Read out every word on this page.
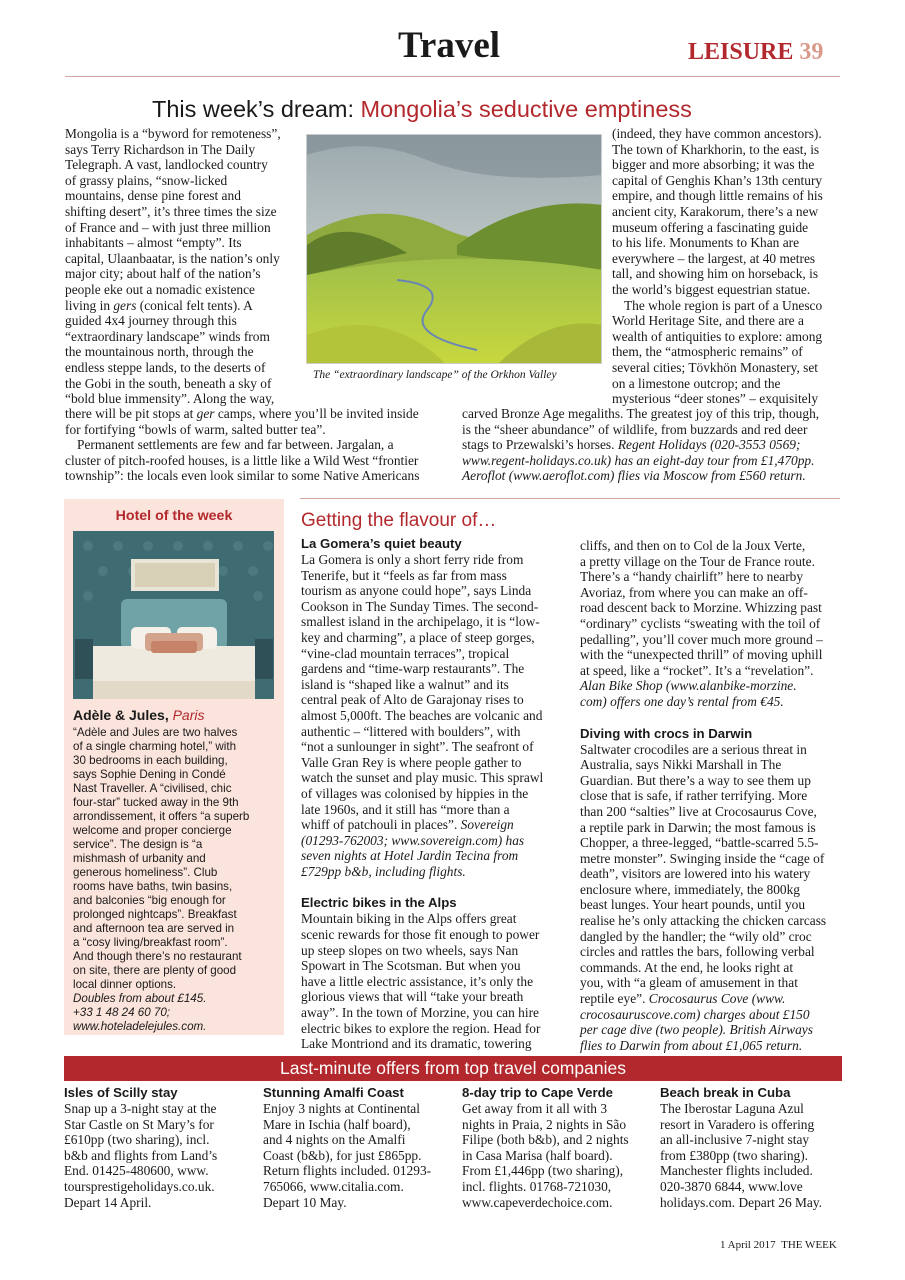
Travel	LEISURE 39
This week’s dream: Mongolia’s seductive emptiness
The “extraordinary landscape” of the Orkhon Valley
Mongolia is a “byword for remoteness”,
says Terry Richardson in The Daily
Telegraph. A vast, landlocked country
of grassy plains, “snow-licked
mountains, dense pine forest and
shifting desert”, it’s three times the size
of France and – with just three million
inhabitants – almost “empty”. Its
capital, Ulaanbaatar, is the nation’s only
major city; about half of the nation’s
people eke out a nomadic existence
living in gers (conical felt tents). A
guided 4x4 journey through this
“extraordinary landscape” winds from
the mountainous north, through the
endless steppe lands, to the deserts of
the Gobi in the south, beneath a sky of
“bold blue immensity”. Along the way,
there will be pit stops at ger camps, where you’ll be invited inside
for fortifying “bowls of warm, salted butter tea”.
Permanent settlements are few and far between. Jargalan, a
cluster of pitch-roofed houses, is a little like a Wild West “frontier
township”: the locals even look similar to some Native Americans
(indeed, they have common ancestors).
The town of Kharkhorin, to the east, is
bigger and more absorbing; it was the
capital of Genghis Khan’s 13th century
empire, and though little remains of his
ancient city, Karakorum, there’s a new
museum offering a fascinating guide
to his life. Monuments to Khan are
everywhere – the largest, at 40 metres
tall, and showing him on horseback, is
the world’s biggest equestrian statue.
The whole region is part of a Unesco
World Heritage Site, and there are a
wealth of antiquities to explore: among
them, the “atmospheric remains” of
several cities; Tövkhön Monastery, set
on a limestone outcrop; and the
mysterious “deer stones” – exquisitely
carved Bronze Age megaliths. The greatest joy of this trip, though,
is the “sheer abundance” of wildlife, from buzzards and red deer
stags to Przewalski’s horses. Regent Holidays (020-3553 0569;
www.regent-holidays.co.uk) has an eight-day tour from £1,470pp.
Aeroflot (www.aeroflot.com) flies via Moscow from £560 return.
Hotel of the week
Adèle & Jules, Paris
“Adèle and Jules are two halves
of a single charming hotel,” with
30 bedrooms in each building,
says Sophie Dening in Condé
Nast Traveller. A “civilised, chic
four-star” tucked away in the 9th
arrondissement, it offers “a superb
welcome and proper concierge
service”. The design is “a
mishmash of urbanity and
generous homeliness”. Club
rooms have baths, twin basins,
and balconies “big enough for
prolonged nightcaps”. Breakfast
and afternoon tea are served in
a “cosy living/breakfast room”.
And though there’s no restaurant
on site, there are plenty of good
local dinner options.
Doubles from about £145.
+33 1 48 24 60 70;
www.hoteladelejules.com.
Getting the flavour of…
La Gomera’s quiet beauty
La Gomera is only a short ferry ride from
Tenerife, but it “feels as far from mass
tourism as anyone could hope”, says Linda
Cookson in The Sunday Times. The second-
smallest island in the archipelago, it is “low-
key and charming”, a place of steep gorges,
“vine-clad mountain terraces”, tropical
gardens and “time-warp restaurants”. The
island is “shaped like a walnut” and its
central peak of Alto de Garajonay rises to
almost 5,000ft. The beaches are volcanic and
authentic – “littered with boulders”, with
“not a sunlounger in sight”. The seafront of
Valle Gran Rey is where people gather to
watch the sunset and play music. This sprawl
of villages was colonised by hippies in the
late 1960s, and it still has “more than a
whiff of patchouli in places”. Sovereign
(01293-762003; www.sovereign.com) has
seven nights at Hotel Jardin Tecina from
£729pp b&b, including flights.
Electric bikes in the Alps
Mountain biking in the Alps offers great
scenic rewards for those fit enough to power
up steep slopes on two wheels, says Nan
Spowart in The Scotsman. But when you
have a little electric assistance, it’s only the
glorious views that will “take your breath
away”. In the town of Morzine, you can hire
electric bikes to explore the region. Head for
Lake Montriond and its dramatic, towering
cliffs, and then on to Col de la Joux Verte,
a pretty village on the Tour de France route.
There’s a “handy chairlift” here to nearby
Avoriaz, from where you can make an off-
road descent back to Morzine. Whizzing past
“ordinary” cyclists “sweating with the toil of
pedalling”, you’ll cover much more ground –
with the “unexpected thrill” of moving uphill
at speed, like a “rocket”. It’s a “revelation”.
Alan Bike Shop (www.alanbike-morzine.
com) offers one day’s rental from €45.
Diving with crocs in Darwin
Saltwater crocodiles are a serious threat in
Australia, says Nikki Marshall in The
Guardian. But there’s a way to see them up
close that is safe, if rather terrifying. More
than 200 “salties” live at Crocosaurus Cove,
a reptile park in Darwin; the most famous is
Chopper, a three-legged, “battle-scarred 5.5-
metre monster”. Swinging inside the “cage of
death”, visitors are lowered into his watery
enclosure where, immediately, the 800kg
beast lunges. Your heart pounds, until you
realise he’s only attacking the chicken carcass
dangled by the handler; the “wily old” croc
circles and rattles the bars, following verbal
commands. At the end, he looks right at
you, with “a gleam of amusement in that
reptile eye”. Crocosaurus Cove (www.
crocosauruscove.com) charges about £150
per cage dive (two people). British Airways
flies to Darwin from about £1,065 return.
Last-minute offers from top travel companies
Isles of Scilly stay
Snap up a 3-night stay at the
Star Castle on St Mary’s for
£610pp (two sharing), incl.
b&b and flights from Land’s
End. 01425-480600, www.
toursprestigeholidays.co.uk.
Depart 14 April.
Stunning Amalfi Coast
Enjoy 3 nights at Continental
Mare in Ischia (half board),
and 4 nights on the Amalfi
Coast (b&b), for just £865pp.
Return flights included. 01293-
765066, www.citalia.com.
Depart 10 May.
8-day trip to Cape Verde
Get away from it all with 3
nights in Praia, 2 nights in São
Filipe (both b&b), and 2 nights
in Casa Marisa (half board).
From £1,446pp (two sharing),
incl. flights. 01768-721030,
www.capeverdechoice.com.
Beach break in Cuba
The Iberostar Laguna Azul
resort in Varadero is offering
an all-inclusive 7-night stay
from £380pp (two sharing).
Manchester flights included.
020-3870 6844, www.love
holidays.com. Depart 26 May.
1 April 2017 THE WEEK
